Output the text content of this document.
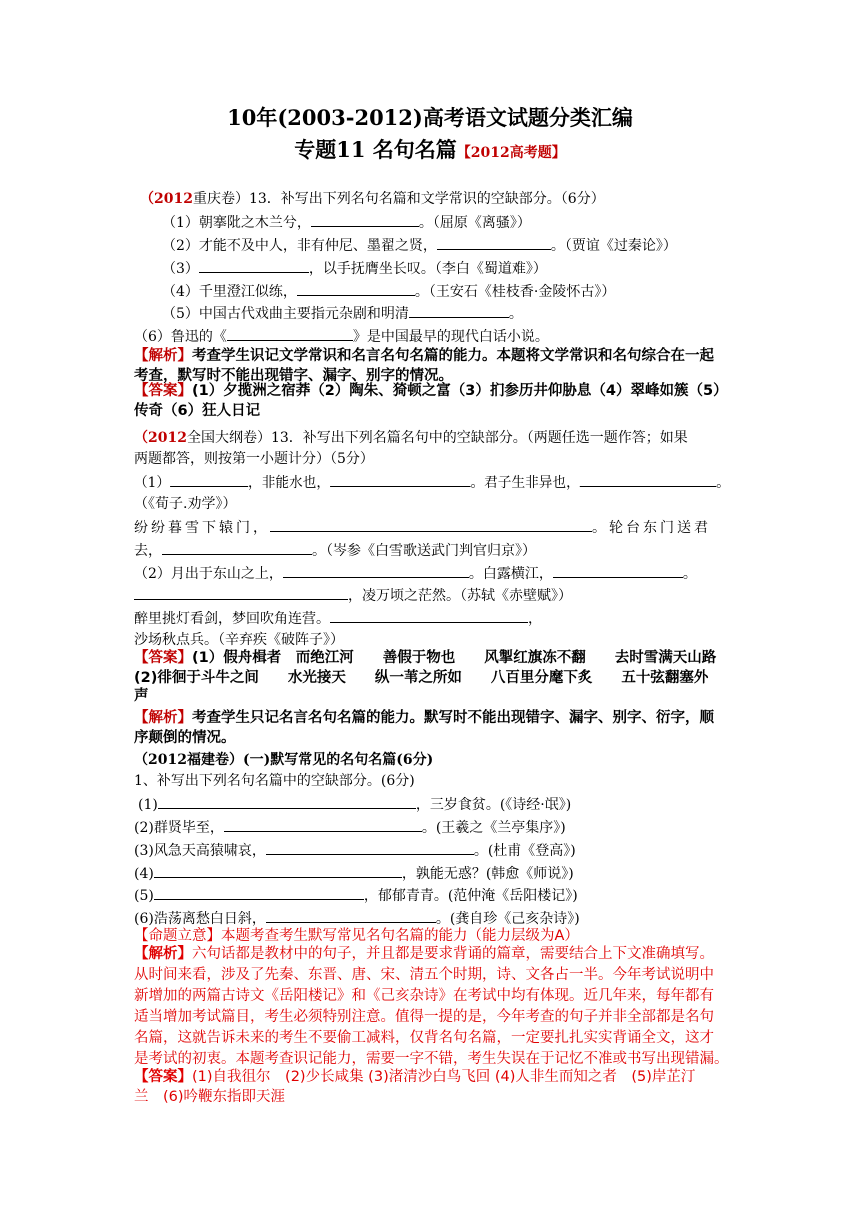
10年(2003-2012)高考语文试题分类汇编
专题11 名句名篇【2012高考题】
（2012重庆卷）13．补写出下列名句名篇和文学常识的空缺部分。（6分）
（1）朝搴阰之木兰兮，	。（屈原《离骚》）
（2）才能不及中人，非有仲尼、墨翟之贤，	。（贾谊《过秦论》）
（3）	，以手抚膺坐长叹。（李白《蜀道难》）
（4）千里澄江似练，	。（王安石《桂枝香·金陵怀古》）
（5）中国古代戏曲主要指元杂剧和明清	。
（6）鲁迅的《	》是中国最早的现代白话小说。
【解析】考查学生识记文学常识和名言名句名篇的能力。本题将文学常识和名句综合在一起
考查，默写时不能出现错字、漏字、别字的情况。
【答案】(1）夕揽洲之宿莽（2）陶朱、猗顿之富（3）扪参历井仰胁息（4）翠峰如簇（5）
传奇（6）狂人日记
（2012全国大纲卷）13．补写出下列名篇名句中的空缺部分。（两题任选一题作答；如果
两题都答，则按第一小题计分）（5分）
（1）	，非能水也，	。君子生非异也，	。
（《荀子.劝学》）
纷纷暮雪下辕门，	。轮台东门送君
去，	。（岑参《白雪歌送武门判官归京》）
（2）月出于东山之上，	。白露横江，	。
，凌万顷之茫然。（苏轼《赤壁赋》）
醉里挑灯看剑，梦回吹角连营。	，
沙场秋点兵。（辛弃疾《破阵子》）
【答案】(1）假舟楫者　而绝江河　　善假于物也　　风掣红旗冻不翻　　去时雪满天山路
(2)徘徊于斗牛之间　　水光接天　　纵一苇之所如　　八百里分麾下炙　　五十弦翻塞外
声
【解析】考查学生只记名言名句名篇的能力。默写时不能出现错字、漏字、别字、衍字，顺
序颠倒的情况。
（2012福建卷）(一)默写常见的名句名篇(6分)
1、补写出下列名句名篇中的空缺部分。(6分)
(1)	，三岁食贫。(《诗经·氓》)
(2)群贤毕至，	。(王羲之《兰亭集序》)
(3)风急天高猿啸哀，	。(杜甫《登高》)
(4)	，孰能无惑？(韩愈《师说》)
(5)	，郁郁青青。(范仲淹《岳阳楼记》)
(6)浩荡离愁白日斜，	。(龚自珍《己亥杂诗》)
【命题立意】本题考查考生默写常见名句名篇的能力（能力层级为A）
【解析】六句话都是教材中的句子，并且都是要求背诵的篇章，需要结合上下文准确填写。
从时间来看，涉及了先秦、东晋、唐、宋、清五个时期，诗、文各占一半。今年考试说明中
新增加的两篇古诗文《岳阳楼记》和《己亥杂诗》在考试中均有体现。近几年来，每年都有
适当增加考试篇目，考生必须特别注意。值得一提的是，今年考查的句子并非全部都是名句
名篇，这就告诉未来的考生不要偷工减料，仅背名句名篇，一定要扎扎实实背诵全文，这才
是考试的初衷。本题考查识记能力，需要一字不错，考生失误在于记忆不准或书写出现错漏。
【答案】(1)自我徂尔　(2)少长咸集 (3)渚清沙白鸟飞回 (4)人非生而知之者　(5)岸芷汀
兰　(6)吟鞭东指即天涯
